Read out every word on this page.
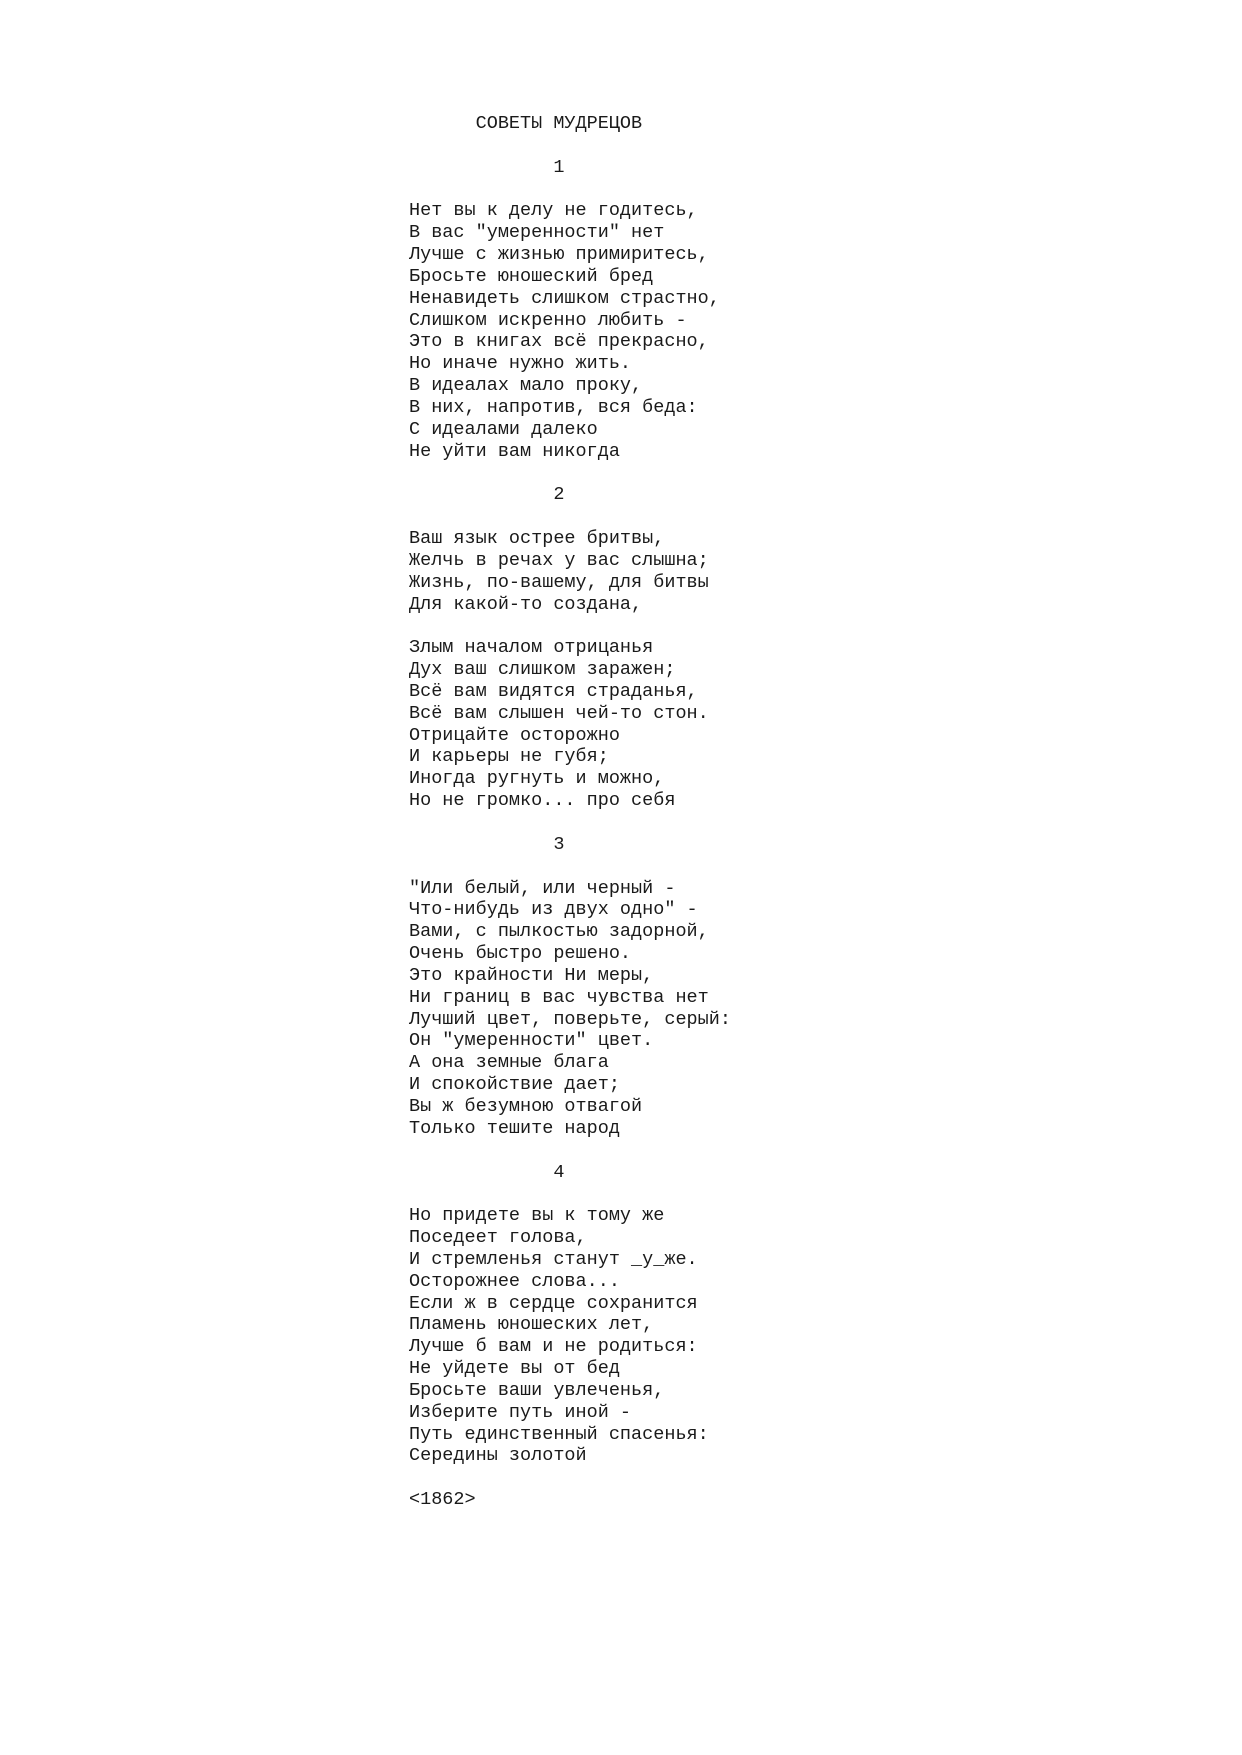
СОВЕТЫ МУДРЕЦОВ
1
Нет вы к делу не годитесь,
В вас "умеренности" нет
Лучше с жизнью примиритесь,
Бросьте юношеский бред
Ненавидеть слишком страстно,
Слишком искренно любить -
Это в книгах всё прекрасно,
Но иначе нужно жить.
В идеалах мало проку,
В них, напротив, вся беда:
С идеалами далеко
Не уйти вам никогда
2
Ваш язык острее бритвы,
Желчь в речах у вас слышна;
Жизнь, по-вашему, для битвы
Для какой-то создана,
Злым началом отрицанья
Дух ваш слишком заражен;
Всё вам видятся страданья,
Всё вам слышен чей-то стон.
Отрицайте осторожно
И карьеры не губя;
Иногда ругнуть и можно,
Но не громко... про себя
3
"Или белый, или черный -
Что-нибудь из двух одно" -
Вами, с пылкостью задорной,
Очень быстро решено.
Это крайности Ни меры,
Ни границ в вас чувства нет
Лучший цвет, поверьте, серый:
Он "умеренности" цвет.
А она земные блага
И спокойствие дает;
Вы ж безумною отвагой
Только тешите народ
4
Но придете вы к тому же
Поседеет голова,
И стремленья станут _у_же.
Осторожнее слова...
Если ж в сердце сохранится
Пламень юношеских лет,
Лучше б вам и не родиться:
Не уйдете вы от бед
Бросьте ваши увлеченья,
Изберите путь иной -
Путь единственный спасенья:
Середины золотой
<1862>
